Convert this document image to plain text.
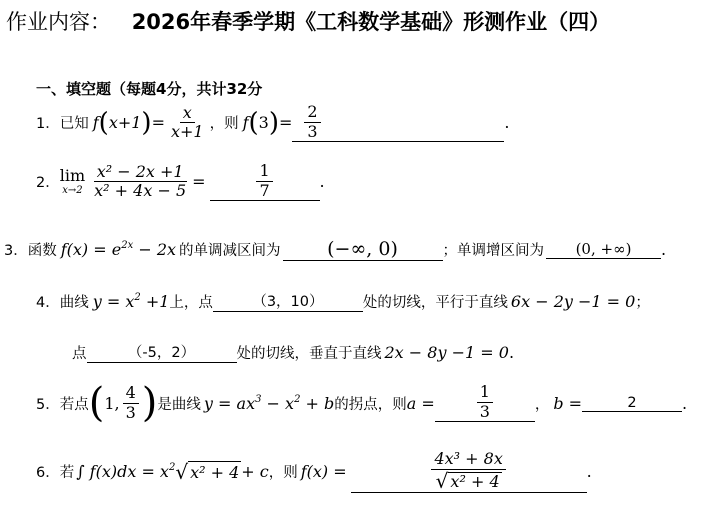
作业内容： 2026年春季学期《工科数学基础》形测作业（四）
一、填空题（每题4分，共计32分
1． 已知 f ( x+1 ) = $\frac{x}{x+1}$ ，则 f ( 3 ) = $\frac{2}{3}$	.
2． lim
$x\to 2 \frac{\text{x² − 2x +1}}{\text{x² + 4x − 5}}$ =	$\frac{1}{7}$	.
3． 函数 $f(x) = e^{2x} - 2x$ 的单调减区间为 (−∞, 0)	；单调增区间为 (0, +∞) .
4． 曲线 $y = x^2 +1$ 上，点	（3，10）	处的切线，平行于直线 6x − 2y −1 = 0 ；
点	（-5，2）	处的切线，垂直于直线 2x − 8y −1 = 0 .
5． 若点 ( 1, $\frac{4}{3}$ ) 是曲线 $y = ax^3 - x^2 + b$ 的拐点，则 a =	$\frac{1}{3}$	， b =	2	.
6． 若 ∫ $f(x)dx = x^2$ √ x² + 4 + c ，则 f(x) =	$\frac{\text{4x³ + 8x}}{\text{√ x² + 4}}$	.
